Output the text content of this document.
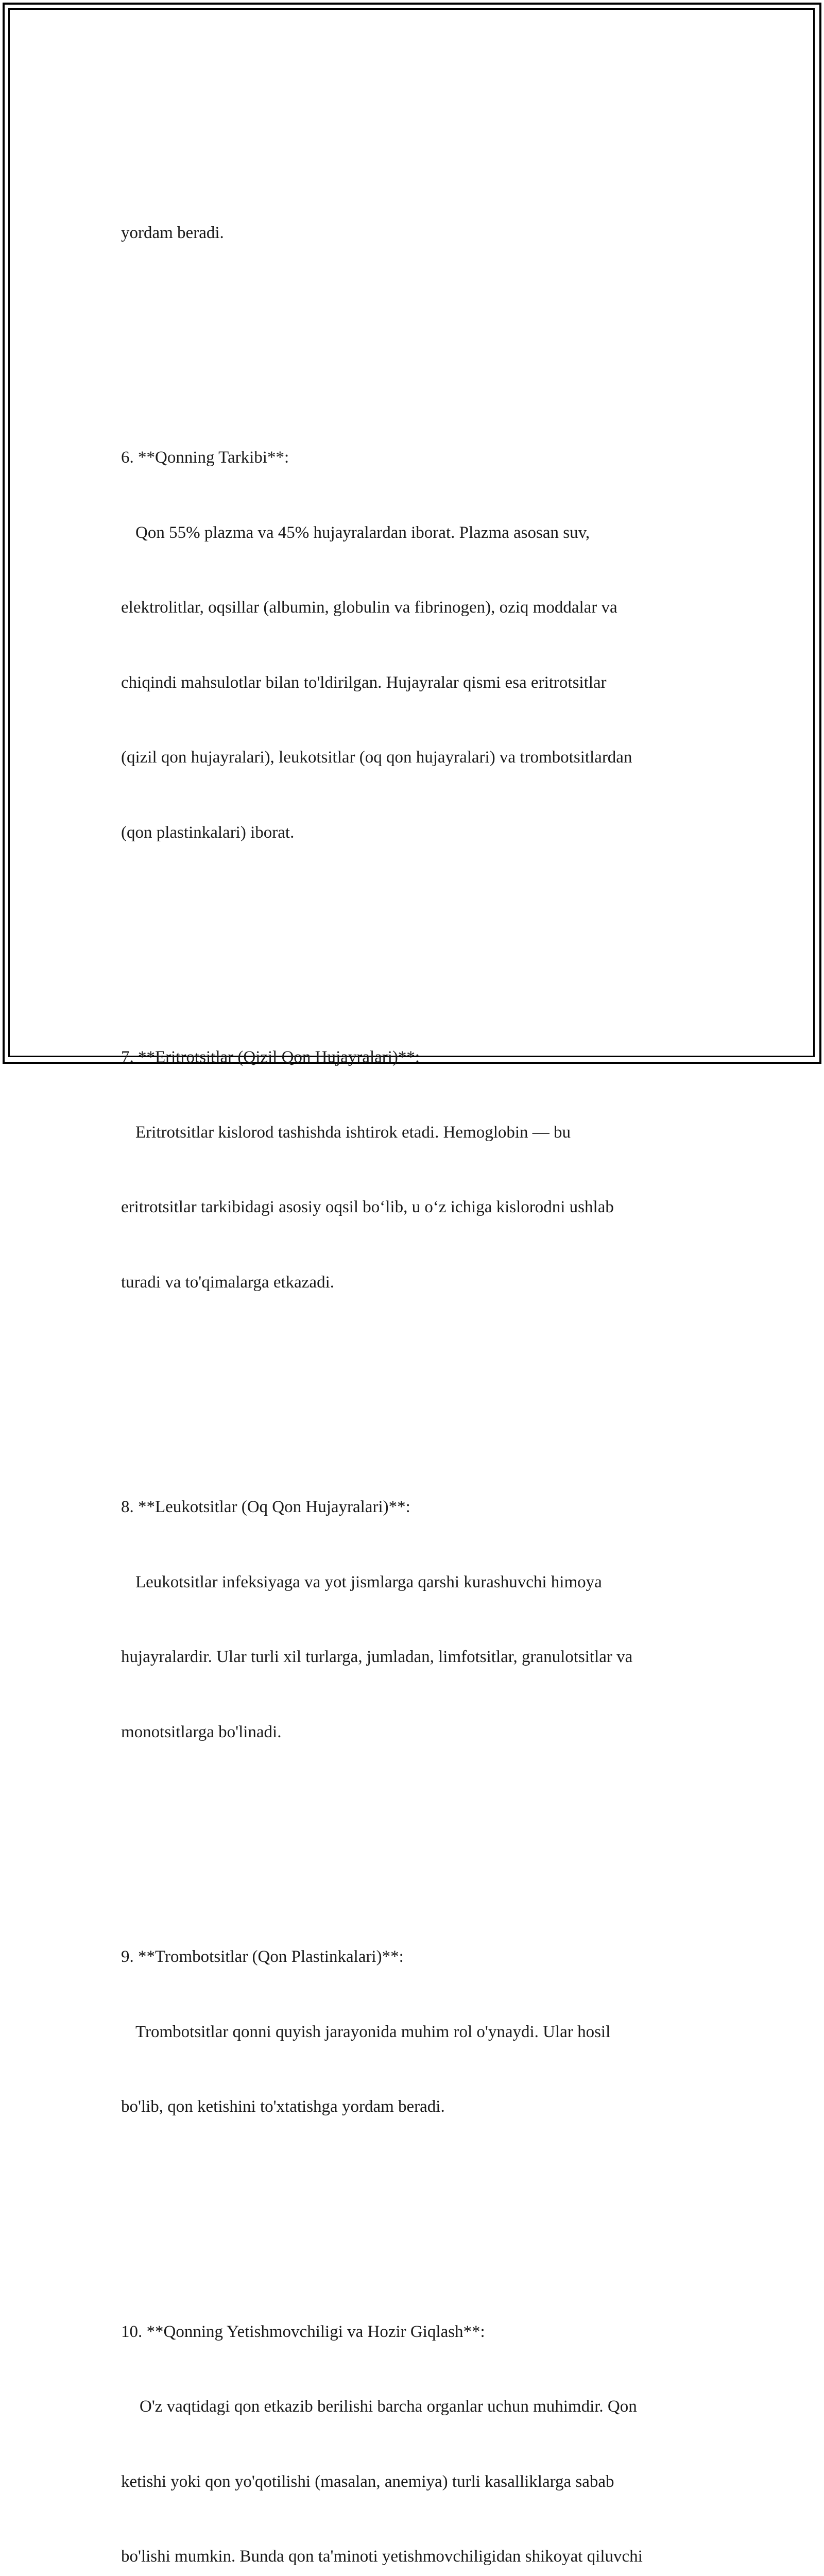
yordam beradi.

6. **Qonning Tarkibi**:

Qon 55% plazma va 45% hujayralardan iborat. Plazma asosan suv,

elektrolitlar, oqsillar (albumin, globulin va fibrinogen), oziq moddalar va

chiqindi mahsulotlar bilan to'ldirilgan. Hujayralar qismi esa eritrotsitlar

(qizil qon hujayralari), leukotsitlar (oq qon hujayralari) va trombotsitlardan

(qon plastinkalari) iborat.

7. **Eritrotsitlar (Qizil Qon Hujayralari)**:

Eritrotsitlar kislorod tashishda ishtirok etadi. Hemoglobin — bu

eritrotsitlar tarkibidagi asosiy oqsil bo‘lib, u o‘z ichiga kislorodni ushlab

turadi va to'qimalarga etkazadi.

8. **Leukotsitlar (Oq Qon Hujayralari)**:

Leukotsitlar infeksiyaga va yot jismlarga qarshi kurashuvchi himoya

hujayralardir. Ular turli xil turlarga, jumladan, limfotsitlar, granulotsitlar va

monotsitlarga bo'linadi.

9. **Trombotsitlar (Qon Plastinkalari)**:

Trombotsitlar qonni quyish jarayonida muhim rol o'ynaydi. Ular hosil

bo'lib, qon ketishini to'xtatishga yordam beradi.

10. **Qonning Yetishmovchiligi va Hozir Giqlash**:

O'z vaqtidagi qon etkazib berilishi barcha organlar uchun muhimdir. Qon

ketishi yoki qon yo'qotilishi (masalan, anemiya) turli kasalliklarga sabab

bo'lishi mumkin. Bunda qon ta'minoti yetishmovchiligidan shikoyat qiluvchi
